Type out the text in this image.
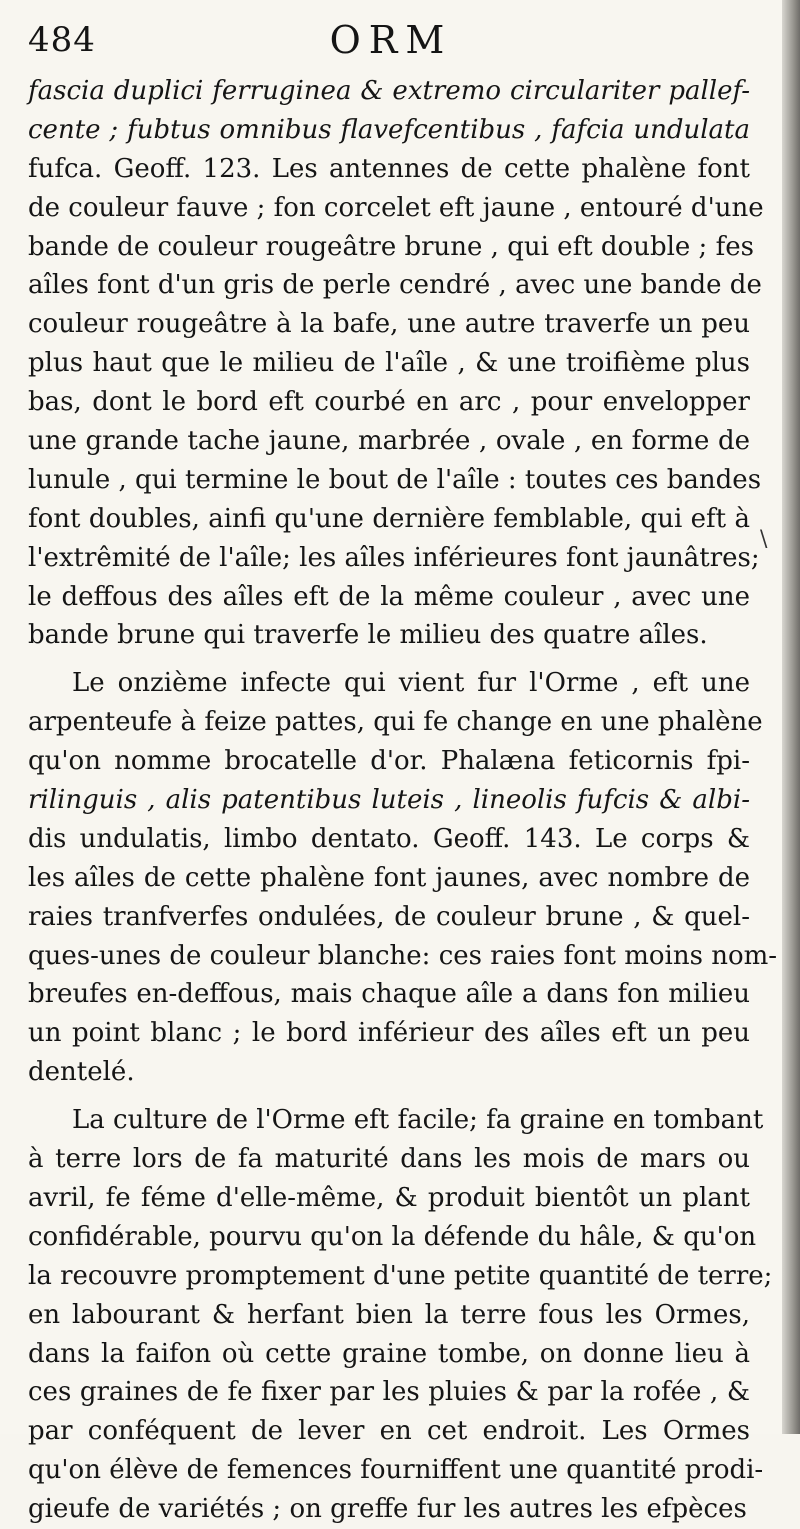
484	ORM
fascia duplici ferruginea & extremo circulariter pallef-
cente ; fubtus omnibus flavefcentibus , fafcia undulata
fufca. Geoff. 123. Les antennes de cette phalène font
de couleur fauve ; fon corcelet eft jaune , entouré d'une
bande de couleur rougeâtre brune , qui eft double ; fes
aîles font d'un gris de perle cendré , avec une bande de
couleur rougeâtre à la bafe, une autre traverfe un peu
plus haut que le milieu de l'aîle , & une troifième plus
bas, dont le bord eft courbé en arc , pour envelopper
une grande tache jaune, marbrée , ovale , en forme de
lunule , qui termine le bout de l'aîle : toutes ces bandes
font doubles, ainfi qu'une dernière femblable, qui eft à
l'extrêmité de l'aîle; les aîles inférieures font jaunâtres;
le deffous des aîles eft de la même couleur , avec une
bande brune qui traverfe le milieu des quatre aîles.
Le onzième infecte qui vient fur l'Orme , eft une
arpenteufe à feize pattes, qui fe change en une phalène
qu'on nomme brocatelle d'or. Phalæna feticornis fpi-
rilinguis , alis patentibus luteis , lineolis fufcis & albi-
dis undulatis, limbo dentato. Geoff. 143. Le corps &
les aîles de cette phalène font jaunes, avec nombre de
raies tranfverfes ondulées, de couleur brune , & quel-
ques-unes de couleur blanche: ces raies font moins nom-
breufes en-deffous, mais chaque aîle a dans fon milieu
un point blanc ; le bord inférieur des aîles eft un peu
dentelé.
La culture de l'Orme eft facile; fa graine en tombant
à terre lors de fa maturité dans les mois de mars ou
avril, fe féme d'elle-même, & produit bientôt un plant
confidérable, pourvu qu'on la défende du hâle, & qu'on
la recouvre promptement d'une petite quantité de terre;
en labourant & herfant bien la terre fous les Ormes,
dans la faifon où cette graine tombe, on donne lieu à
ces graines de fe fixer par les pluies & par la rofée , &
par conféquent de lever en cet endroit. Les Ormes
qu'on élève de femences fourniffent une quantité prodi-
gieufe de variétés ; on greffe fur les autres les efpèces
\
